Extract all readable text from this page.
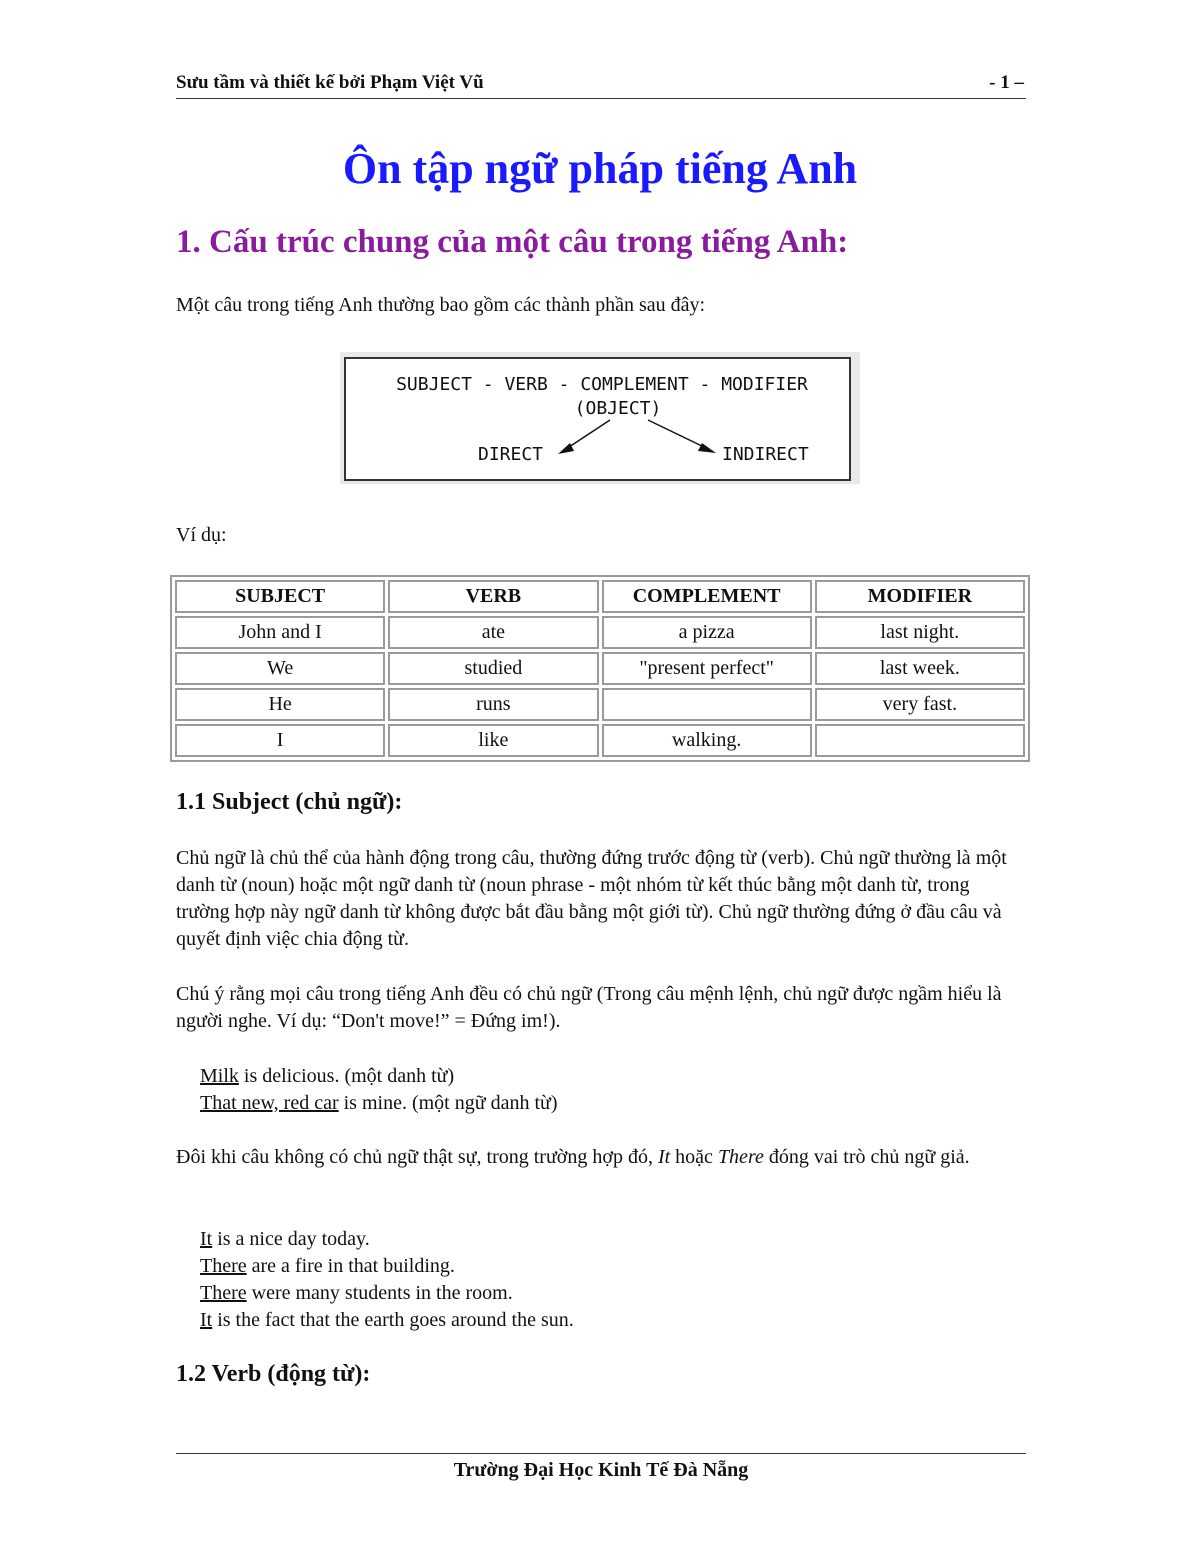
Sưu tầm và thiết kế bởi Phạm Việt Vũ	- 1 –
Ôn tập ngữ pháp tiếng Anh
1. Cấu trúc chung của một câu trong tiếng Anh:
Một câu trong tiếng Anh thường bao gồm các thành phần sau đây:
SUBJECT - VERB - COMPLEMENT - MODIFIER
(OBJECT)
DIRECT	INDIRECT
Ví dụ:
SUBJECT	VERB	COMPLEMENT	MODIFIER
John and I	ate	a pizza	last night.
We	studied	"present perfect"	last week.
He	runs		very fast.
I	like	walking.	
1.1 Subject (chủ ngữ):
Chủ ngữ là chủ thể của hành động trong câu, thường đứng trước động từ (verb). Chủ ngữ thường là một danh từ (noun) hoặc một ngữ danh từ (noun phrase - một nhóm từ kết thúc bằng một danh từ, trong trường hợp này ngữ danh từ không được bắt đầu bằng một giới từ). Chủ ngữ thường đứng ở đầu câu và quyết định việc chia động từ.
Chú ý rằng mọi câu trong tiếng Anh đều có chủ ngữ (Trong câu mệnh lệnh, chủ ngữ được ngầm hiểu là người nghe. Ví dụ: “Don't move!” = Đứng im!).
Milk is delicious. (một danh từ)
That new, red car is mine. (một ngữ danh từ)
Đôi khi câu không có chủ ngữ thật sự, trong trường hợp đó, It hoặc There đóng vai trò chủ ngữ giả.
It is a nice day today.
There are a fire in that building.
There were many students in the room.
It is the fact that the earth goes around the sun.
1.2 Verb (động từ):
Trường Đại Học Kinh Tế Đà Nẵng
